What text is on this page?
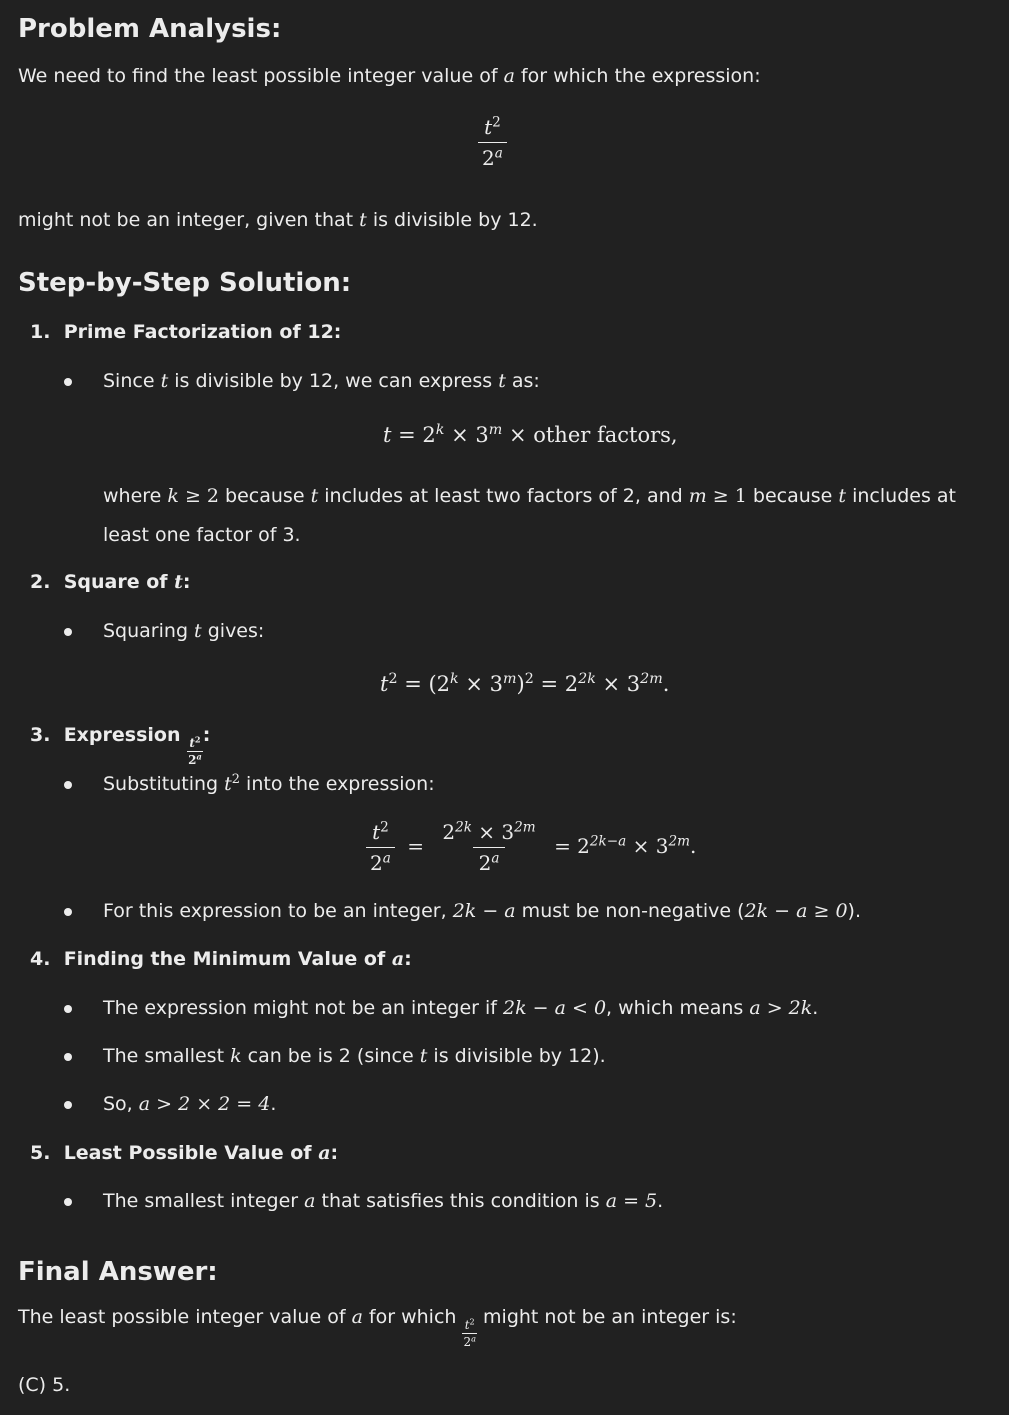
Problem Analysis:
We need to find the least possible integer value of a for which the expression:
$\frac{t^2}{2^a}$
might not be an integer, given that t is divisible by 12.
Step-by-Step Solution:
1. Prime Factorization of 12:
Since t is divisible by 12, we can express t as:
$t = 2^k \times 3^m$ × other factors,
where k ≥ 2 because t includes at least two factors of 2, and m ≥ 1 because t includes at
least one factor of 3.
2. Square of t:
Squaring t gives:
$t^2 = (2^k \times 3^m)^2 = 2^{2k} \times 3^{2m}$.
3. Expression
$\frac{t^2}{2^a}$
:
Substituting $t^2$ into the expression:
$\frac{t^2}{2^a} = \frac{2^{2k} \times 3^{2m}}{2^a} = 2^{2k-a} \times 3^{2m}$.
For this expression to be an integer, 2k − a must be non-negative (2k − a ≥ 0).
4. Finding the Minimum Value of a:
The expression might not be an integer if 2k − a < 0, which means a > 2k.
The smallest k can be is 2 (since t is divisible by 12).
So, a > 2 × 2 = 4.
5. Least Possible Value of a:
The smallest integer a that satisfies this condition is a = 5.
Final Answer:
The least possible integer value of a for which
$\frac{t^2}{2^a}$
might not be an integer is:
(C) 5.
